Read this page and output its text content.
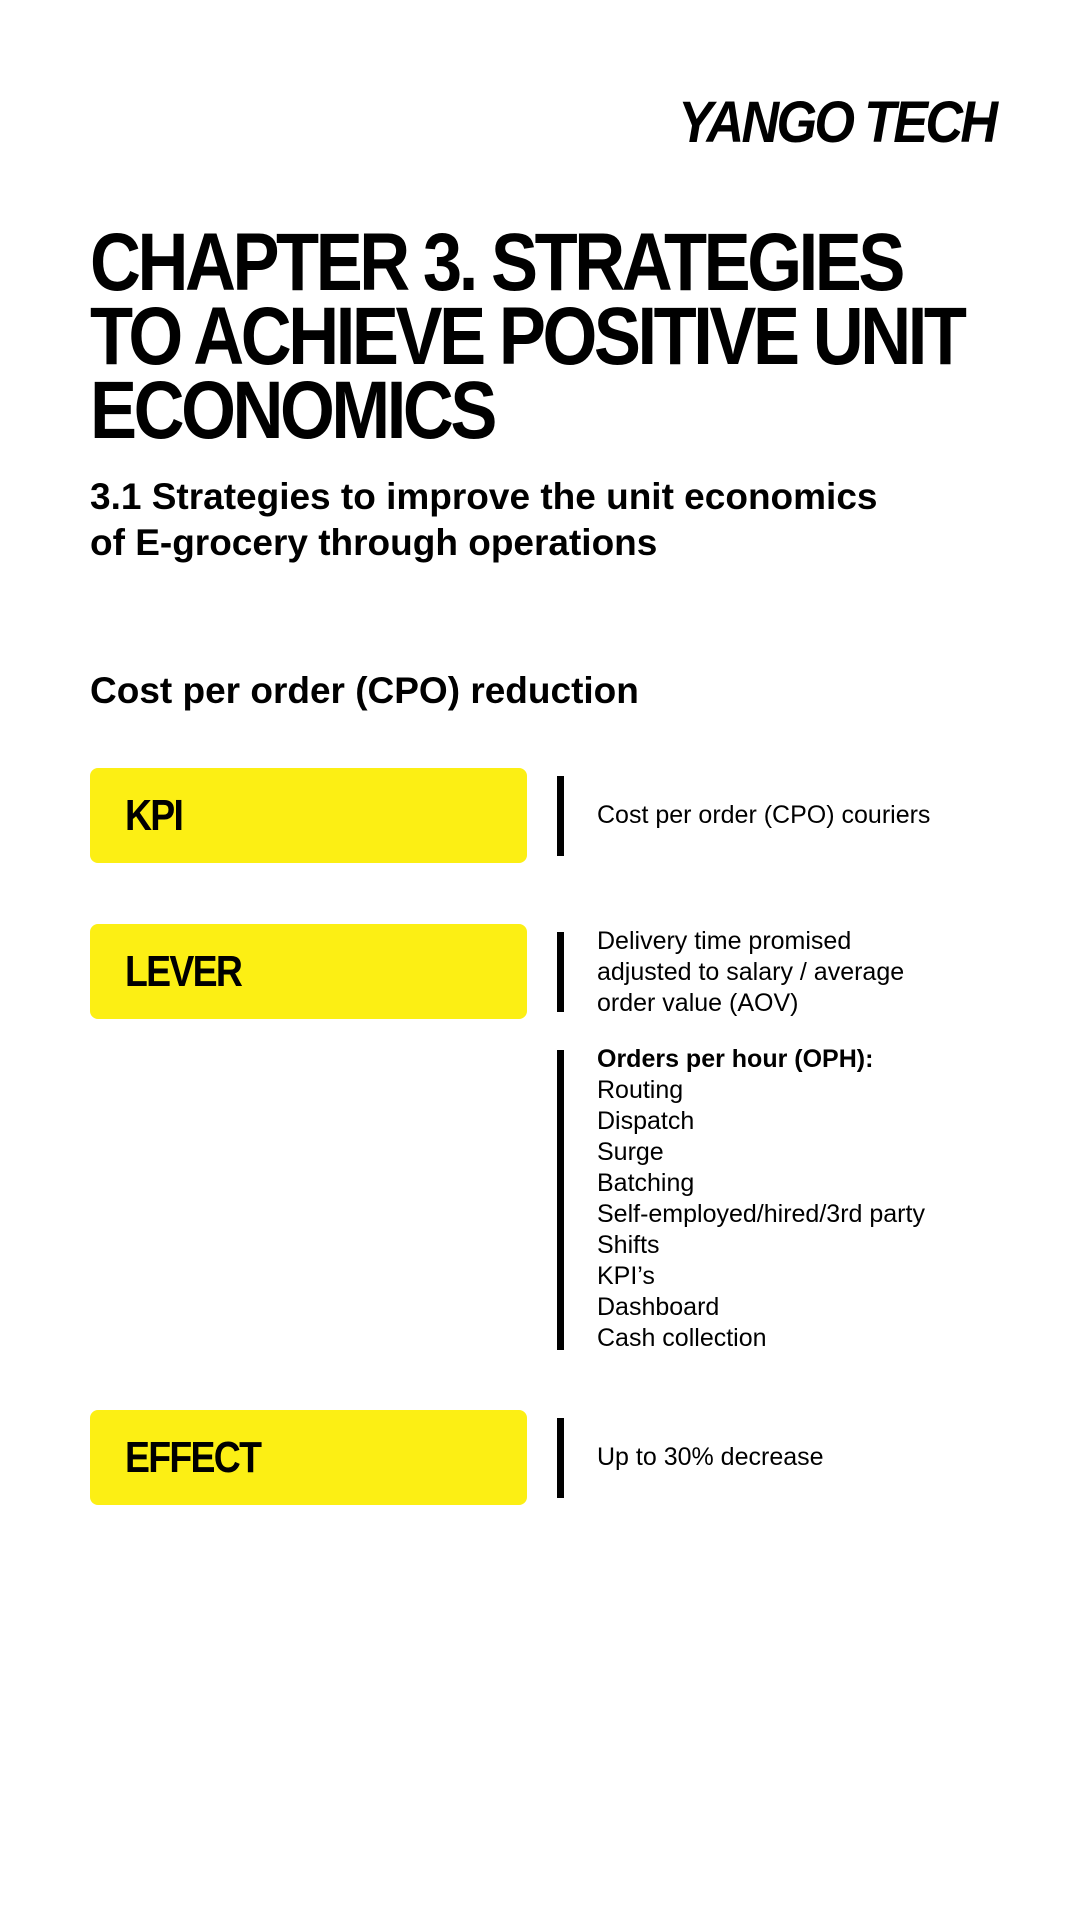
YANGO TECH
CHAPTER 3. STRATEGIES
TO ACHIEVE POSITIVE UNIT
ECONOMICS
3.1 Strategies to improve the unit economics
of E-grocery through operations
Cost per order (CPO) reduction
KPI	Cost per order (CPO) couriers
LEVER
Delivery time promised
adjusted to salary / average
order value (AOV)
Orders per hour (OPH):
Routing
Dispatch
Surge
Batching
Self-employed/hired/3rd party
Shifts
KPI’s
Dashboard
Cash collection
EFFECT	Up to 30% decrease
